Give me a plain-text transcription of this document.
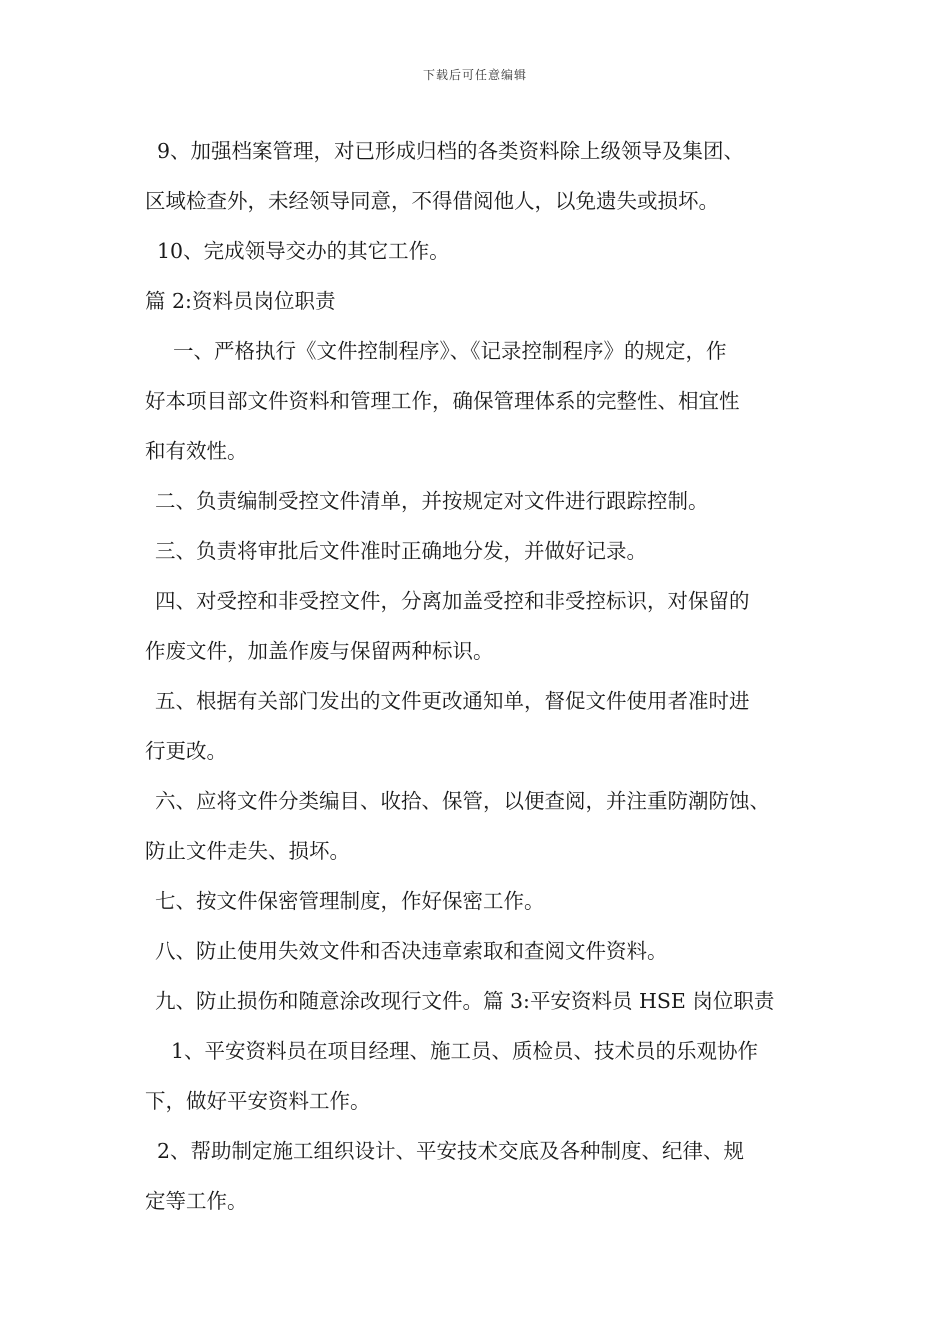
下载后可任意编辑
9、加强档案管理，对已形成归档的各类资料除上级领导及集团、
区域检查外，未经领导同意，不得借阅他人，以免遗失或损坏。
10、完成领导交办的其它工作。
篇 2:资料员岗位职责
一、严格执行《文件控制程序》、《记录控制程序》的规定，作
好本项目部文件资料和管理工作，确保管理体系的完整性、相宜性
和有效性。
二、负责编制受控文件清单，并按规定对文件进行跟踪控制。
三、负责将审批后文件准时正确地分发，并做好记录。
四、对受控和非受控文件，分离加盖受控和非受控标识，对保留的
作废文件，加盖作废与保留两种标识。
五、根据有关部门发出的文件更改通知单，督促文件使用者准时进
行更改。
六、应将文件分类编目、收拾、保管，以便查阅，并注重防潮防蚀、
防止文件走失、损坏。
七、按文件保密管理制度，作好保密工作。
八、防止使用失效文件和否决违章索取和查阅文件资料。
九、防止损伤和随意涂改现行文件。篇 3:平安资料员 HSE 岗位职责
1、平安资料员在项目经理、施工员、质检员、技术员的乐观协作
下，做好平安资料工作。
2、帮助制定施工组织设计、平安技术交底及各种制度、纪律、规
定等工作。
